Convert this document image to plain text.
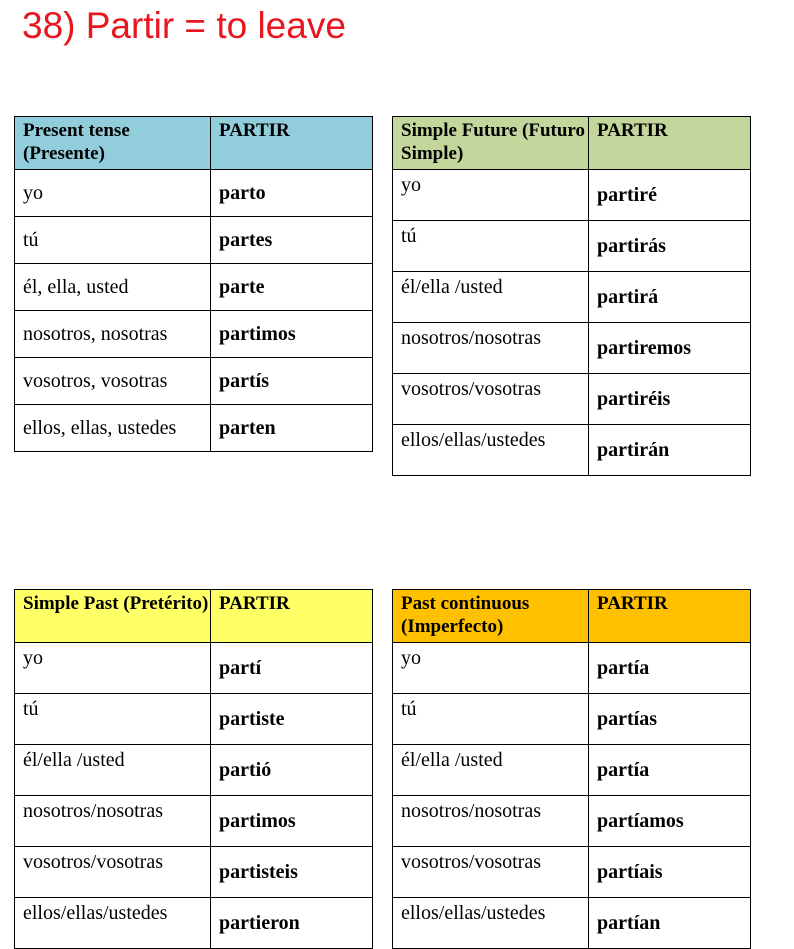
38) Partir = to leave
Present tense (Presente)	PARTIR
yo	parto
tú	partes
él, ella, usted	parte
nosotros, nosotras	partimos
vosotros, vosotras	partís
ellos, ellas, ustedes	parten
Simple Future (Futuro Simple)	PARTIR
yo	partiré
tú	partirás
él/ella /usted	partirá
nosotros/nosotras	partiremos
vosotros/vosotras	partiréis
ellos/ellas/ustedes	partirán
Simple Past (Pretérito)	PARTIR
yo	partí
tú	partiste
él/ella /usted	partió
nosotros/nosotras	partimos
vosotros/vosotras	partisteis
ellos/ellas/ustedes	partieron
Past continuous (Imperfecto)	PARTIR
yo	partía
tú	partías
él/ella /usted	partía
nosotros/nosotras	partíamos
vosotros/vosotras	partíais
ellos/ellas/ustedes	partían
